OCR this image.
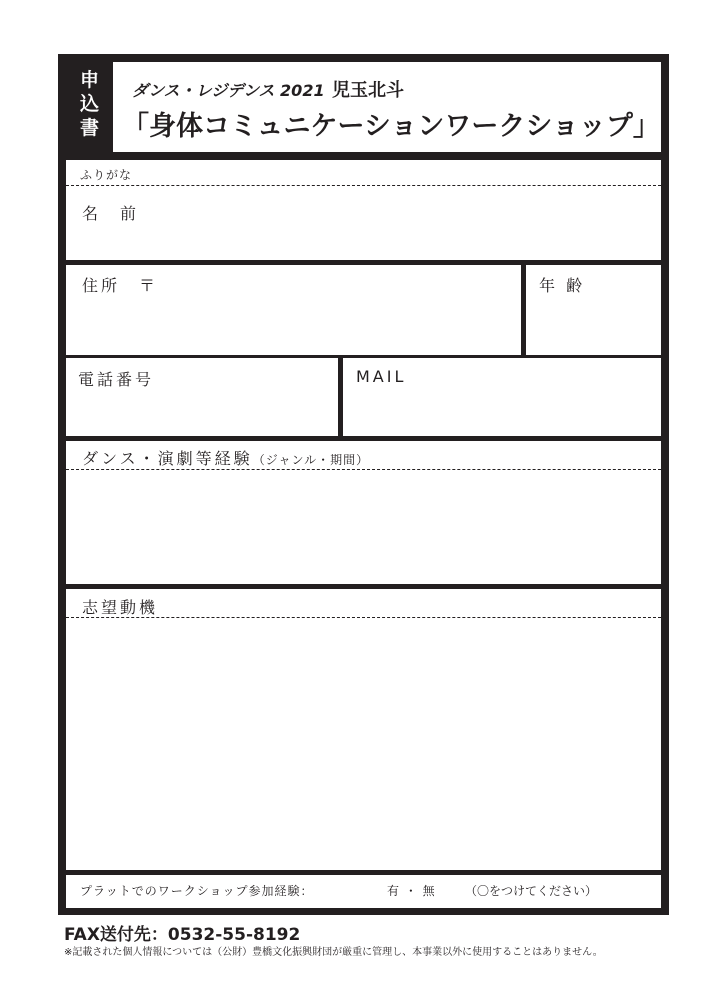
申
込
書
ダンス・レジデンス 2021 児玉北斗
「身体コミュニケーションワークショップ」
ふりがな
名　前
住所　〒	年 齢
電話番号	MAIL
ダンス・演劇等経験（ジャンル・期間）
志望動機
プラットでのワークショップ参加経験：	有 ・ 無 （〇をつけてください）
FAX送付先：0532-55-8192
※記載された個人情報については（公財）豊橋文化振興財団が厳重に管理し、本事業以外に使用することはありません。
